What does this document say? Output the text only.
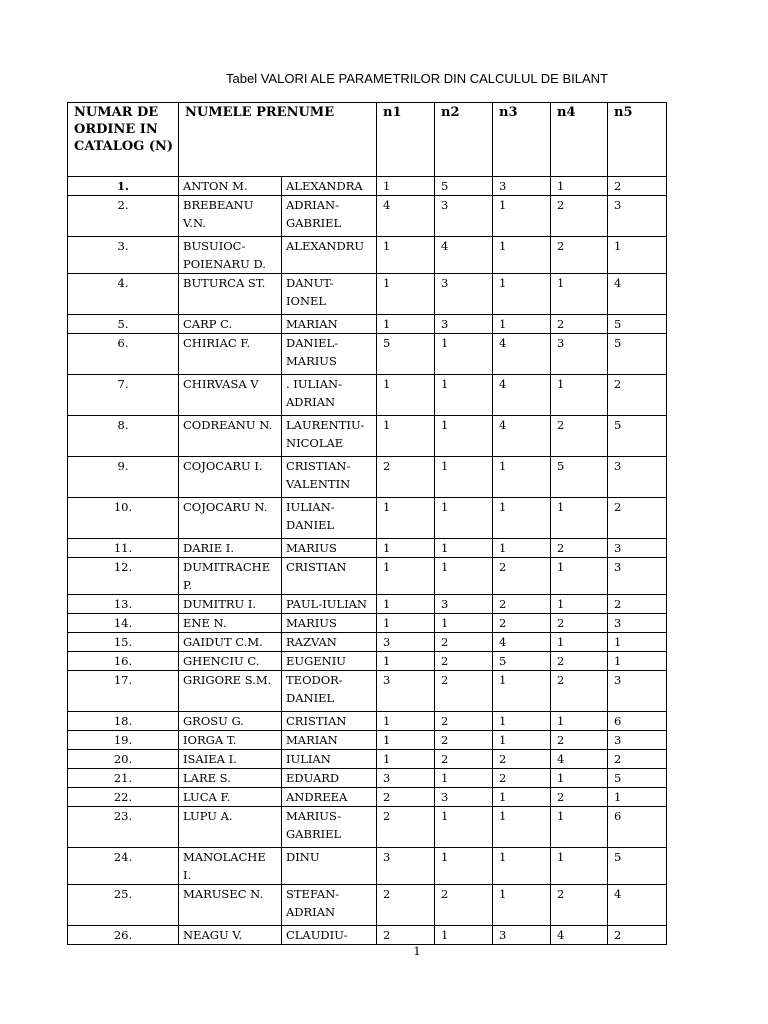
Tabel VALORI ALE PARAMETRILOR DIN CALCULUL DE BILANT
NUMAR DE ORDINE IN CATALOG (N)	NUMELE PRENUME		n1	n2	n3	n4	n5
1.	ANTON M.	ALEXANDRA	1	5	3	1	2
2.	BREBEANU V.N.	ADRIAN-GABRIEL	4	3	1	2	3
3.	BUSUIOC-POIENARU D.	ALEXANDRU	1	4	1	2	1
4.	BUTURCA ST.	DANUT-IONEL	1	3	1	1	4
5.	CARP C.	MARIAN	1	3	1	2	5
6.	CHIRIAC F.	DANIEL-MARIUS	5	1	4	3	5
7.	CHIRVASA V	. IULIAN-ADRIAN	1	1	4	1	2
8.	CODREANU N.	LAURENTIU-NICOLAE	1	1	4	2	5
9.	COJOCARU I.	CRISTIAN-VALENTIN	2	1	1	5	3
10.	COJOCARU N.	IULIAN-DANIEL	1	1	1	1	2
11.	DARIE I.	MARIUS	1	1	1	2	3
12.	DUMITRACHE P.	CRISTIAN	1	1	2	1	3
13.	DUMITRU I.	PAUL-IULIAN	1	3	2	1	2
14.	ENE N.	MARIUS	1	1	2	2	3
15.	GAIDUT C.M.	RAZVAN	3	2	4	1	1
16.	GHENCIU C.	EUGENIU	1	2	5	2	1
17.	GRIGORE S.M.	TEODOR-DANIEL	3	2	1	2	3
18.	GROSU G.	CRISTIAN	1	2	1	1	6
19.	IORGA T.	MARIAN	1	2	1	2	3
20.	ISAIEA I.	IULIAN	1	2	2	4	2
21.	LARE S.	EDUARD	3	1	2	1	5
22.	LUCA F.	ANDREEA	2	3	1	2	1
23.	LUPU A.	MARIUS-GABRIEL	2	1	1	1	6
24.	MANOLACHE I.	DINU	3	1	1	1	5
25.	MARUSEC N.	STEFAN-ADRIAN	2	2	1	2	4
26.	NEAGU V.	CLAUDIU-	2	1	3	4	2
1
